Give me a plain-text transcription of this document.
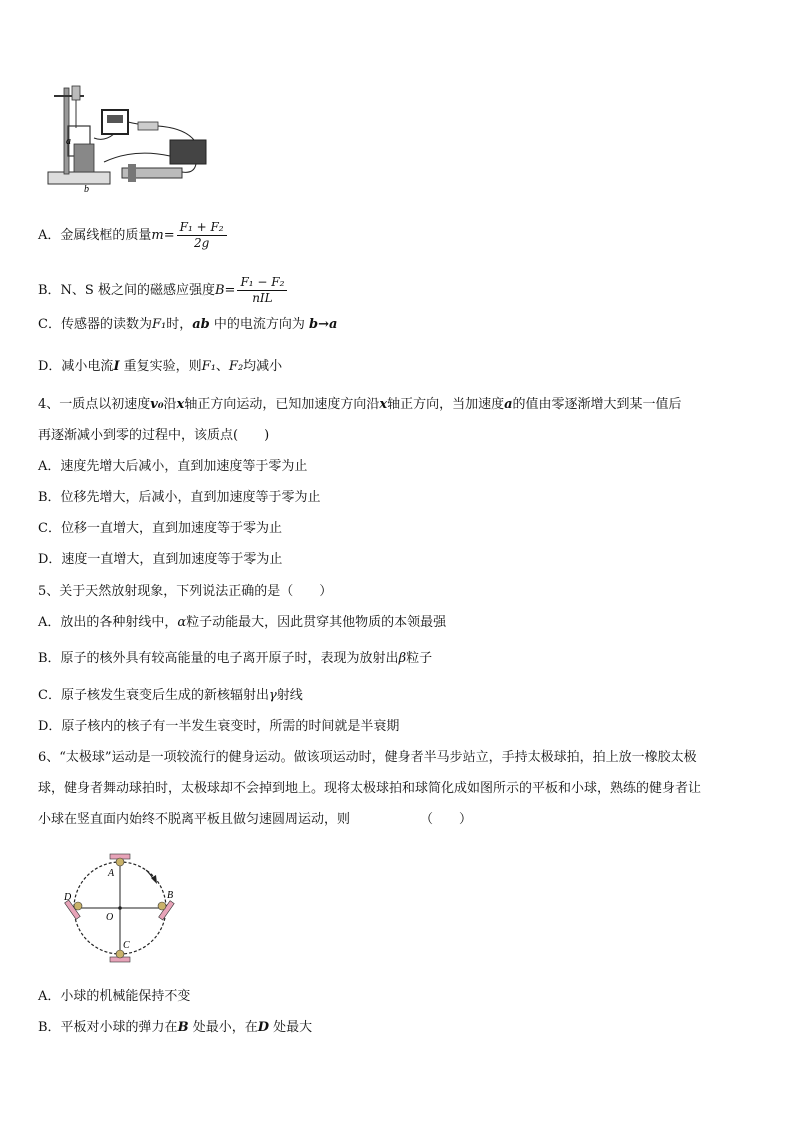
a
b
A．金属线框的质量$m= \frac{\text{F₁ + F₂}}{2g}$
B．N、S 极之间的磁感应强度$B= \frac{\text{F₁ − F₂}}{\text{nIL}}$
C．传感器的读数为F₁时，ab 中的电流方向为 b→a
D．减小电流I 重复实验，则F₁、F₂均减小
4、一质点以初速度v₀沿x轴正方向运动，已知加速度方向沿x轴正方向，当加速度a的值由零逐渐增大到某一值后
再逐渐减小到零的过程中，该质点(　　)
A．速度先增大后减小，直到加速度等于零为止
B．位移先增大，后减小，直到加速度等于零为止
C．位移一直增大，直到加速度等于零为止
D．速度一直增大，直到加速度等于零为止
5、关于天然放射现象，下列说法正确的是（　　）
A．放出的各种射线中，α粒子动能最大，因此贯穿其他物质的本领最强
B．原子的核外具有较高能量的电子离开原子时，表现为放射出β粒子
C．原子核发生衰变后生成的新核辐射出γ射线
D．原子核内的核子有一半发生衰变时，所需的时间就是半衰期
6、“太极球”运动是一项较流行的健身运动。做该项运动时，健身者半马步站立，手持太极球拍，拍上放一橡胶太极
球，健身者舞动球拍时，太极球却不会掉到地上。现将太极球拍和球简化成如图所示的平板和小球，熟练的健身者让
小球在竖直面内始终不脱离平板且做匀速圆周运动，则	（　　）
A
B
C
D
O
A．小球的机械能保持不变
B．平板对小球的弹力在B 处最小，在D 处最大
